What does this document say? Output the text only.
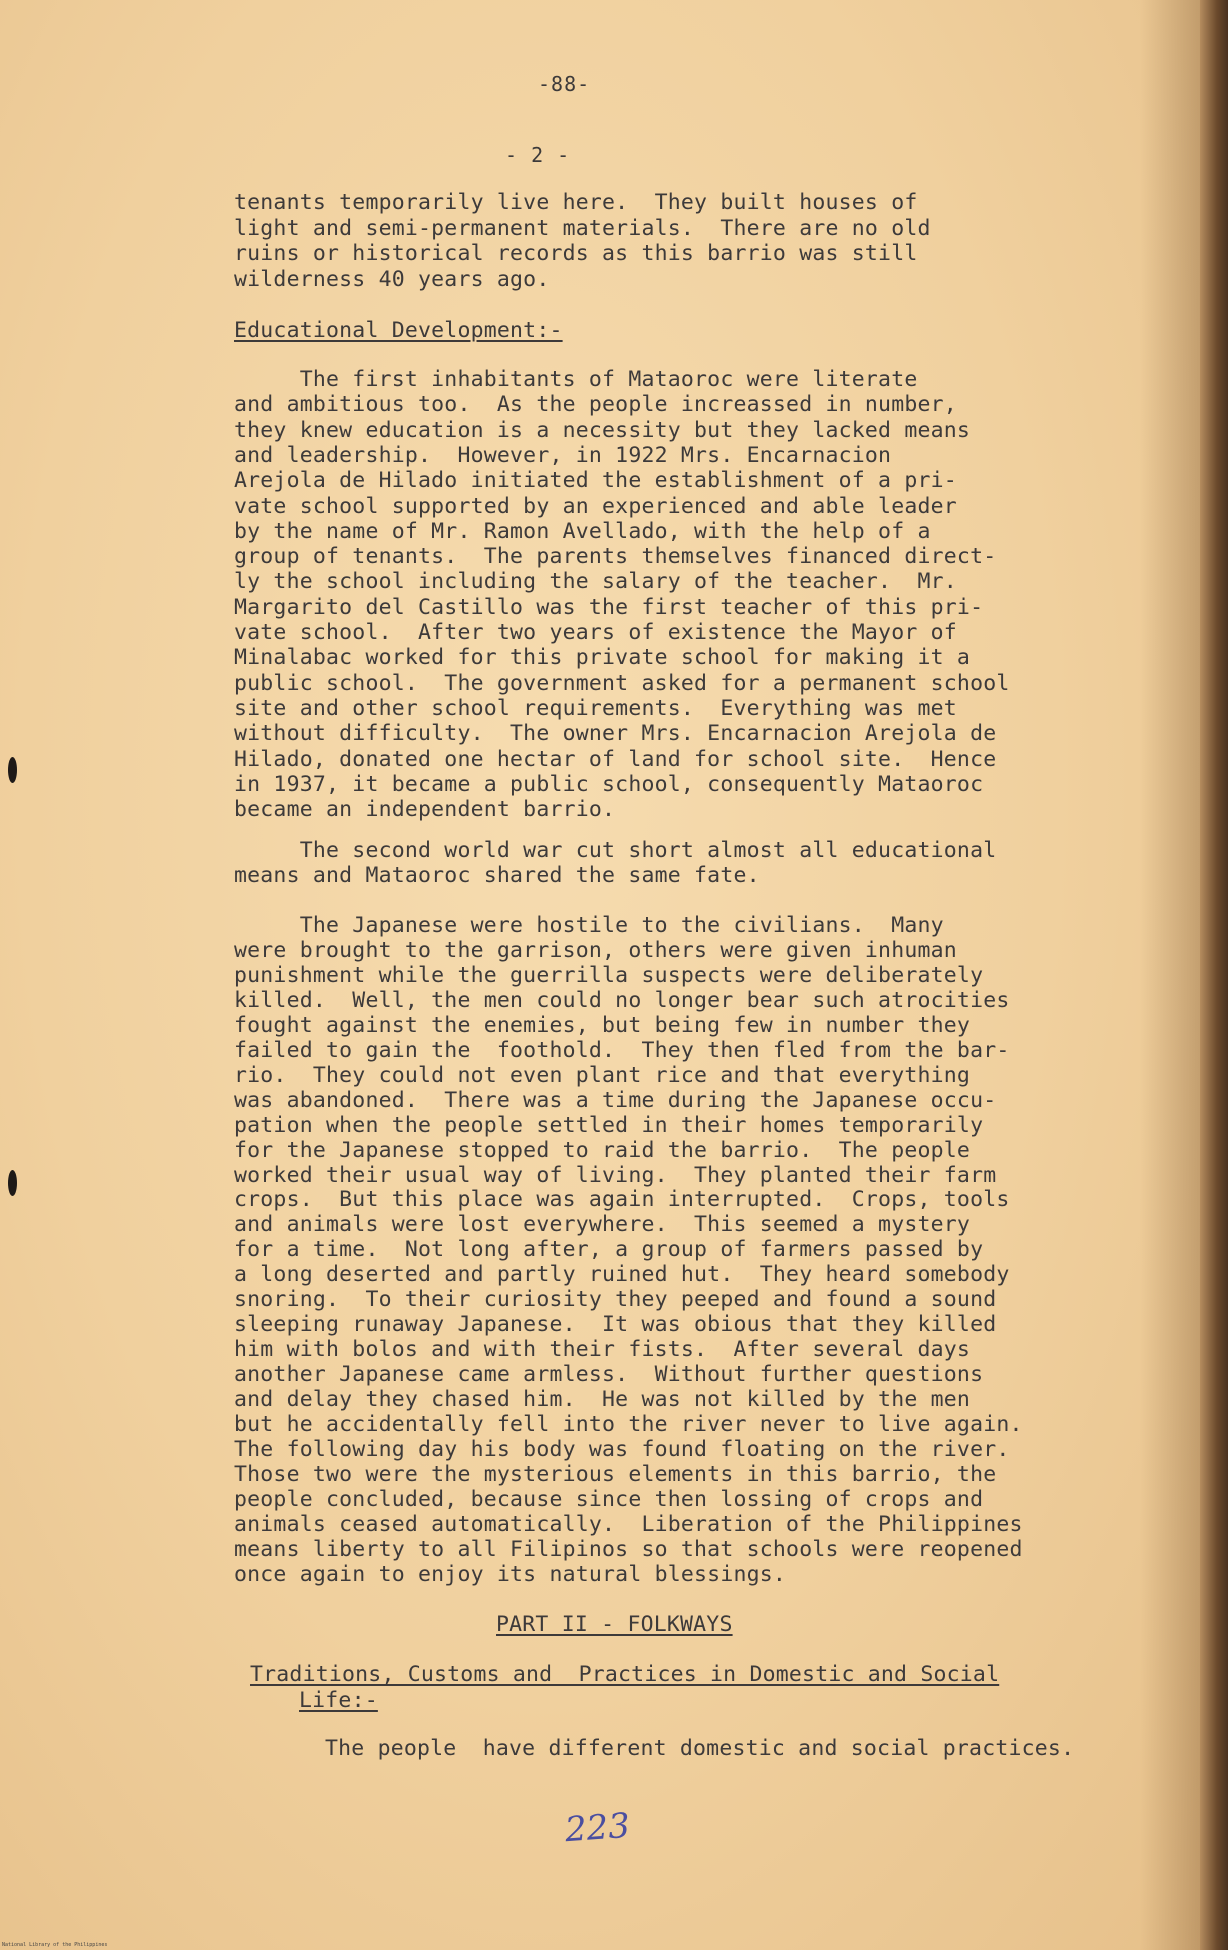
-88-
- 2 -
tenants temporarily live here.  They built houses of
light and semi-permanent materials.  There are no old
ruins or historical records as this barrio was still
wilderness 40 years ago.
Educational Development:-
The first inhabitants of Mataoroc were literate
and ambitious too.  As the people increassed in number,
they knew education is a necessity but they lacked means
and leadership.  However, in 1922 Mrs. Encarnacion
Arejola de Hilado initiated the establishment of a pri-
vate school supported by an experienced and able leader
by the name of Mr. Ramon Avellado, with the help of a
group of tenants.  The parents themselves financed direct-
ly the school including the salary of the teacher.  Mr.
Margarito del Castillo was the first teacher of this pri-
vate school.  After two years of existence the Mayor of
Minalabac worked for this private school for making it a
public school.  The government asked for a permanent school
site and other school requirements.  Everything was met
without difficulty.  The owner Mrs. Encarnacion Arejola de
Hilado, donated one hectar of land for school site.  Hence
in 1937, it became a public school, consequently Mataoroc
became an independent barrio.
The second world war cut short almost all educational
means and Mataoroc shared the same fate.
The Japanese were hostile to the civilians.  Many
were brought to the garrison, others were given inhuman
punishment while the guerrilla suspects were deliberately
killed.  Well, the men could no longer bear such atrocities
fought against the enemies, but being few in number they
failed to gain the  foothold.  They then fled from the bar-
rio.  They could not even plant rice and that everything
was abandoned.  There was a time during the Japanese occu-
pation when the people settled in their homes temporarily
for the Japanese stopped to raid the barrio.  The people
worked their usual way of living.  They planted their farm
crops.  But this place was again interrupted.  Crops, tools
and animals were lost everywhere.  This seemed a mystery
for a time.  Not long after, a group of farmers passed by
a long deserted and partly ruined hut.  They heard somebody
snoring.  To their curiosity they peeped and found a sound
sleeping runaway Japanese.  It was obious that they killed
him with bolos and with their fists.  After several days
another Japanese came armless.  Without further questions
and delay they chased him.  He was not killed by the men
but he accidentally fell into the river never to live again.
The following day his body was found floating on the river.
Those two were the mysterious elements in this barrio, the
people concluded, because since then lossing of crops and
animals ceased automatically.  Liberation of the Philippines
means liberty to all Filipinos so that schools were reopened
once again to enjoy its natural blessings.
PART II - FOLKWAYS
Traditions, Customs and  Practices in Domestic and Social
Life:-
The people  have different domestic and social practices.
223
National Library of the Philippines
